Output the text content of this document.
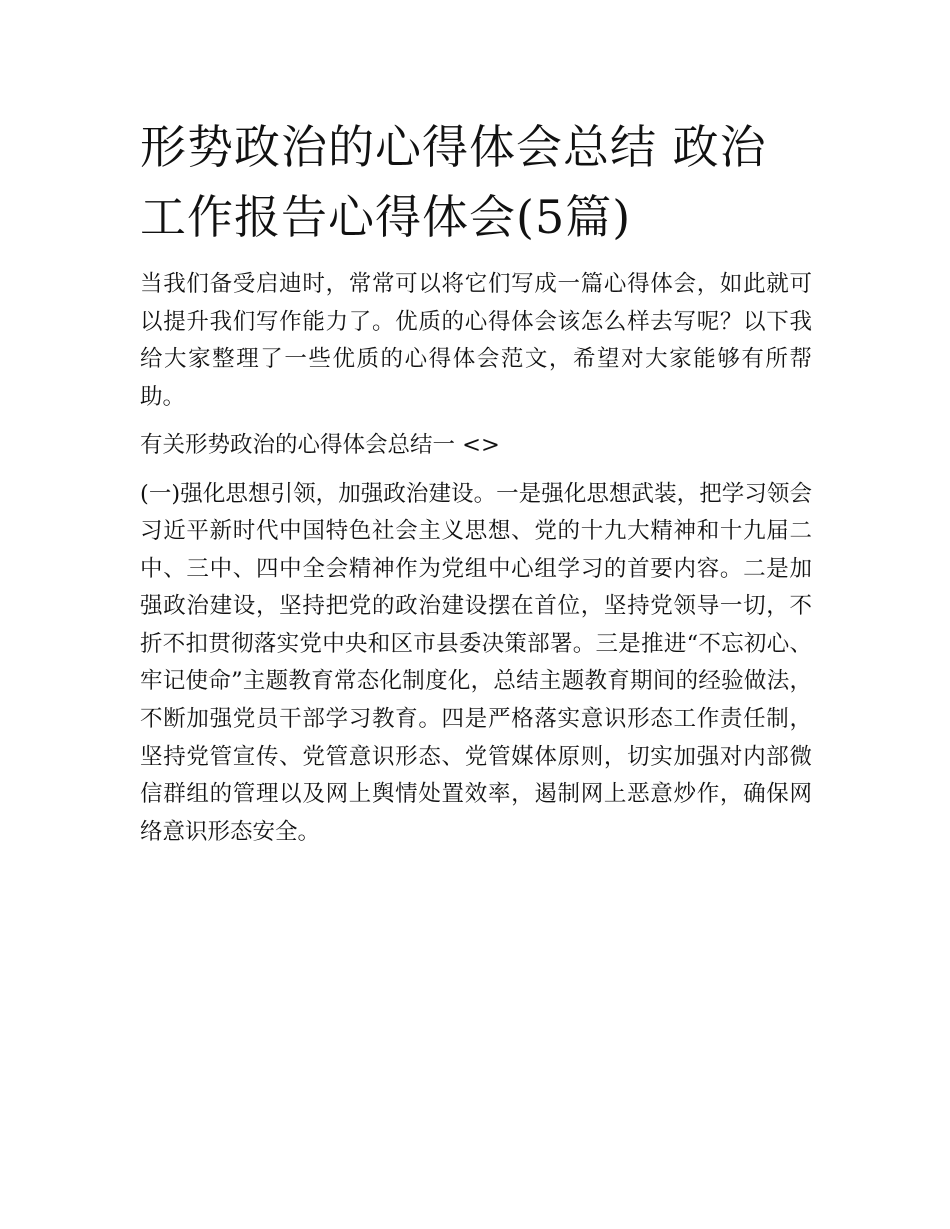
形势政治的心得体会总结 政治工作报告心得体会(5篇)

当我们备受启迪时，常常可以将它们写成一篇心得体会，如此就可以提升我们写作能力了。优质的心得体会该怎么样去写呢？以下我给大家整理了一些优质的心得体会范文，希望对大家能够有所帮助。

有关形势政治的心得体会总结一 <>

(一)强化思想引领，加强政治建设。一是强化思想武装，把学习领会习近平新时代中国特色社会主义思想、党的十九大精神和十九届二中、三中、四中全会精神作为党组中心组学习的首要内容。二是加强政治建设，坚持把党的政治建设摆在首位，坚持党领导一切，不折不扣贯彻落实党中央和区市县委决策部署。三是推进“不忘初心、牢记使命”主题教育常态化制度化，总结主题教育期间的经验做法，不断加强党员干部学习教育。四是严格落实意识形态工作责任制，坚持党管宣传、党管意识形态、党管媒体原则，切实加强对内部微信群组的管理以及网上舆情处置效率，遏制网上恶意炒作，确保网络意识形态安全。
